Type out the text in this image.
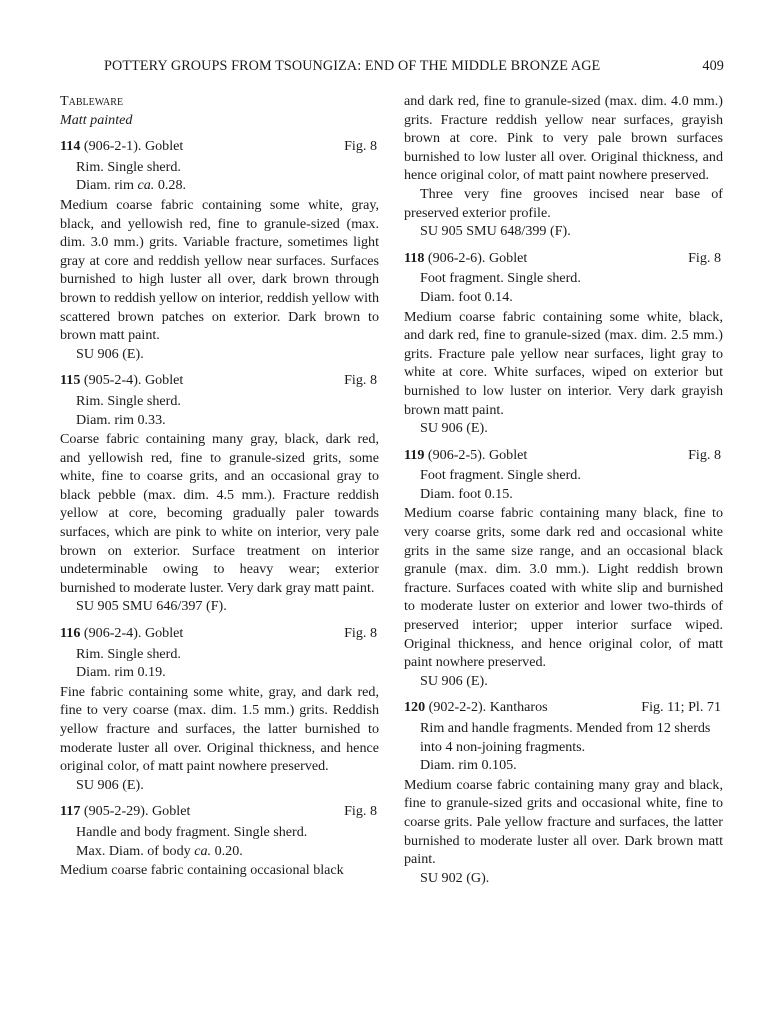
POTTERY GROUPS FROM TSOUNGIZA: END OF THE MIDDLE BRONZE AGE	409

Tableware

Matt painted

114 (906-2-1). Goblet	Fig. 8

Rim. Single sherd.

Diam. rim ca. 0.28.

Medium coarse fabric containing some white, gray, black, and yellowish red, fine to granule-sized (max. dim. 3.0 mm.) grits. Variable fracture, sometimes light gray at core and reddish yellow near surfaces. Surfaces burnished to high luster all over, dark brown through brown to reddish yellow on interior, reddish yellow with scattered brown patches on exterior. Dark brown to brown matt paint.

SU 906 (E).

115 (905-2-4). Goblet	Fig. 8

Rim. Single sherd.

Diam. rim 0.33.

Coarse fabric containing many gray, black, dark red, and yellowish red, fine to granule-sized grits, some white, fine to coarse grits, and an occasional gray to black pebble (max. dim. 4.5 mm.). Fracture reddish yellow at core, becoming gradually paler towards surfaces, which are pink to white on interior, very pale brown on exterior. Surface treatment on interior undeterminable owing to heavy wear; exterior burnished to moderate luster. Very dark gray matt paint.

SU 905 SMU 646/397 (F).

116 (906-2-4). Goblet	Fig. 8

Rim. Single sherd.

Diam. rim 0.19.

Fine fabric containing some white, gray, and dark red, fine to very coarse (max. dim. 1.5 mm.) grits. Reddish yellow fracture and surfaces, the latter burnished to moderate luster all over. Original thickness, and hence original color, of matt paint nowhere preserved.

SU 906 (E).

117 (905-2-29). Goblet	Fig. 8

Handle and body fragment. Single sherd.

Max. Diam. of body ca. 0.20.

Medium coarse fabric containing occasional black

and dark red, fine to granule-sized (max. dim. 4.0 mm.) grits. Fracture reddish yellow near surfaces, grayish brown at core. Pink to very pale brown surfaces burnished to low luster all over. Original thickness, and hence original color, of matt paint nowhere preserved.

Three very fine grooves incised near base of preserved exterior profile.

SU 905 SMU 648/399 (F).

118 (906-2-6). Goblet	Fig. 8

Foot fragment. Single sherd.

Diam. foot 0.14.

Medium coarse fabric containing some white, black, and dark red, fine to granule-sized (max. dim. 2.5 mm.) grits. Fracture pale yellow near surfaces, light gray to white at core. White surfaces, wiped on exterior but burnished to low luster on interior. Very dark grayish brown matt paint.

SU 906 (E).

119 (906-2-5). Goblet	Fig. 8

Foot fragment. Single sherd.

Diam. foot 0.15.

Medium coarse fabric containing many black, fine to very coarse grits, some dark red and occasional white grits in the same size range, and an occasional black granule (max. dim. 3.0 mm.). Light reddish brown fracture. Surfaces coated with white slip and burnished to moderate luster on exterior and lower two-thirds of preserved interior; upper interior surface wiped. Original thickness, and hence original color, of matt paint nowhere preserved.

SU 906 (E).

120 (902-2-2). Kantharos	Fig. 11; Pl. 71

Rim and handle fragments. Mended from 12 sherds into 4 non-joining fragments.

Diam. rim 0.105.

Medium coarse fabric containing many gray and black, fine to granule-sized grits and occasional white, fine to coarse grits. Pale yellow fracture and surfaces, the latter burnished to moderate luster all over. Dark brown matt paint.

SU 902 (G).
